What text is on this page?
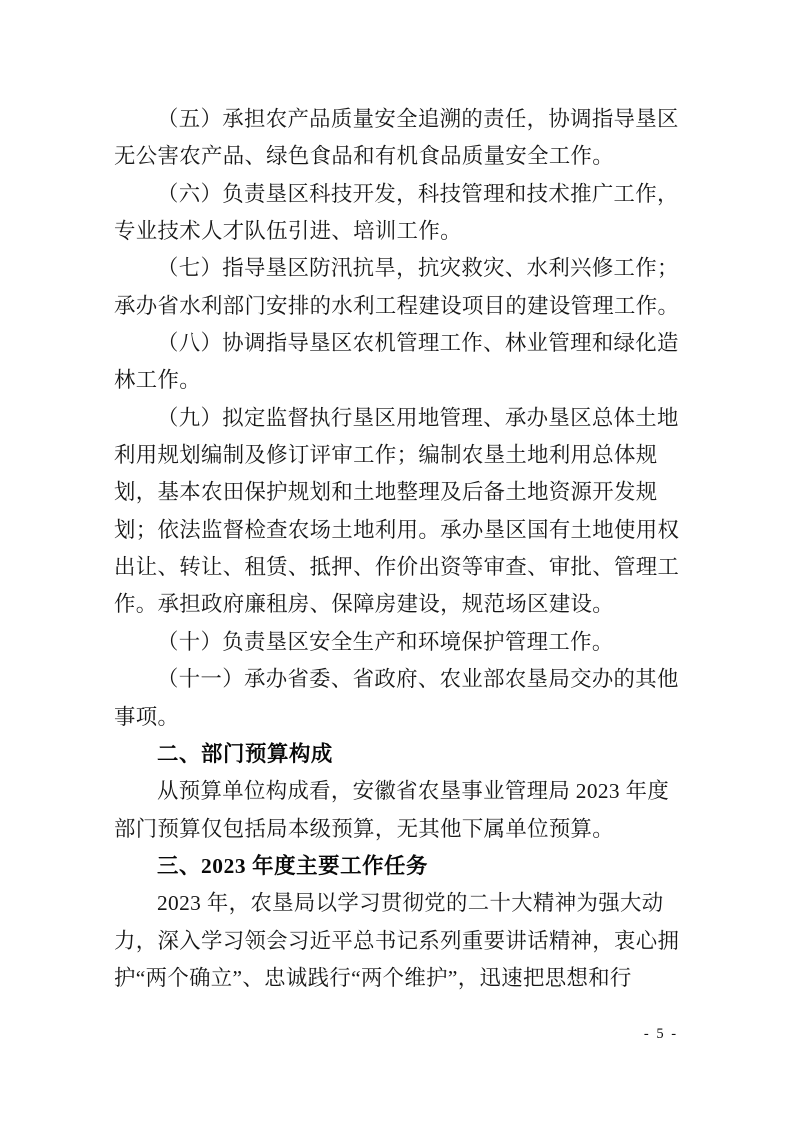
（五）承担农产品质量安全追溯的责任，协调指导垦区
无公害农产品、绿色食品和有机食品质量安全工作。
（六）负责垦区科技开发，科技管理和技术推广工作，
专业技术人才队伍引进、培训工作。
（七）指导垦区防汛抗旱，抗灾救灾、水利兴修工作；
承办省水利部门安排的水利工程建设项目的建设管理工作。
（八）协调指导垦区农机管理工作、林业管理和绿化造
林工作。
（九）拟定监督执行垦区用地管理、承办垦区总体土地
利用规划编制及修订评审工作；编制农垦土地利用总体规
划，基本农田保护规划和土地整理及后备土地资源开发规
划；依法监督检查农场土地利用。承办垦区国有土地使用权
出让、转让、租赁、抵押、作价出资等审查、审批、管理工
作。承担政府廉租房、保障房建设，规范场区建设。
（十）负责垦区安全生产和环境保护管理工作。
（十一）承办省委、省政府、农业部农垦局交办的其他
事项。
二、部门预算构成
从预算单位构成看，安徽省农垦事业管理局 2023 年度
部门预算仅包括局本级预算，无其他下属单位预算。
三、2023 年度主要工作任务
2023 年，农垦局以学习贯彻党的二十大精神为强大动
力，深入学习领会习近平总书记系列重要讲话精神，衷心拥
护“两个确立”、忠诚践行“两个维护”，迅速把思想和行
- 5 -
